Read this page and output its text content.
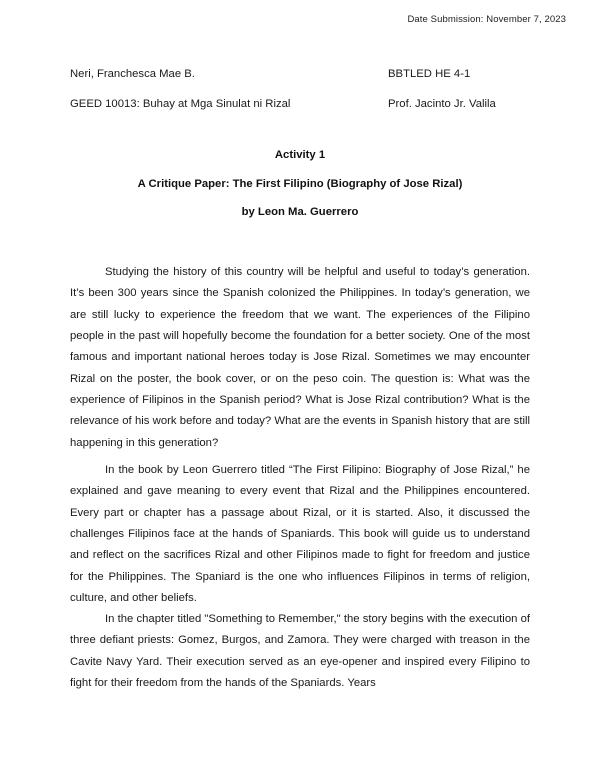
Date Submission: November 7, 2023
Neri, Franchesca Mae B.	BBTLED HE 4-1
GEED 10013: Buhay at Mga Sinulat ni Rizal	Prof. Jacinto Jr. Valila
Activity 1
A Critique Paper: The First Filipino (Biography of Jose Rizal)
by Leon Ma. Guerrero

Studying the history of this country will be helpful and useful to today’s generation. It’s been 300 years since the Spanish colonized the Philippines. In today’s generation, we are still lucky to experience the freedom that we want. The experiences of the Filipino people in the past will hopefully become the foundation for a better society. One of the most famous and important national heroes today is Jose Rizal. Sometimes we may encounter Rizal on the poster, the book cover, or on the peso coin. The question is: What was the experience of Filipinos in the Spanish period? What is Jose Rizal contribution? What is the relevance of his work before and today? What are the events in Spanish history that are still happening in this generation?

In the book by Leon Guerrero titled “The First Filipino: Biography of Jose Rizal,” he explained and gave meaning to every event that Rizal and the Philippines encountered. Every part or chapter has a passage about Rizal, or it is started. Also, it discussed the challenges Filipinos face at the hands of Spaniards. This book will guide us to understand and reflect on the sacrifices Rizal and other Filipinos made to fight for freedom and justice for the Philippines. The Spaniard is the one who influences Filipinos in terms of religion, culture, and other beliefs.

In the chapter titled "Something to Remember," the story begins with the execution of three defiant priests: Gomez, Burgos, and Zamora. They were charged with treason in the Cavite Navy Yard. Their execution served as an eye-opener and inspired every Filipino to fight for their freedom from the hands of the Spaniards. Years
